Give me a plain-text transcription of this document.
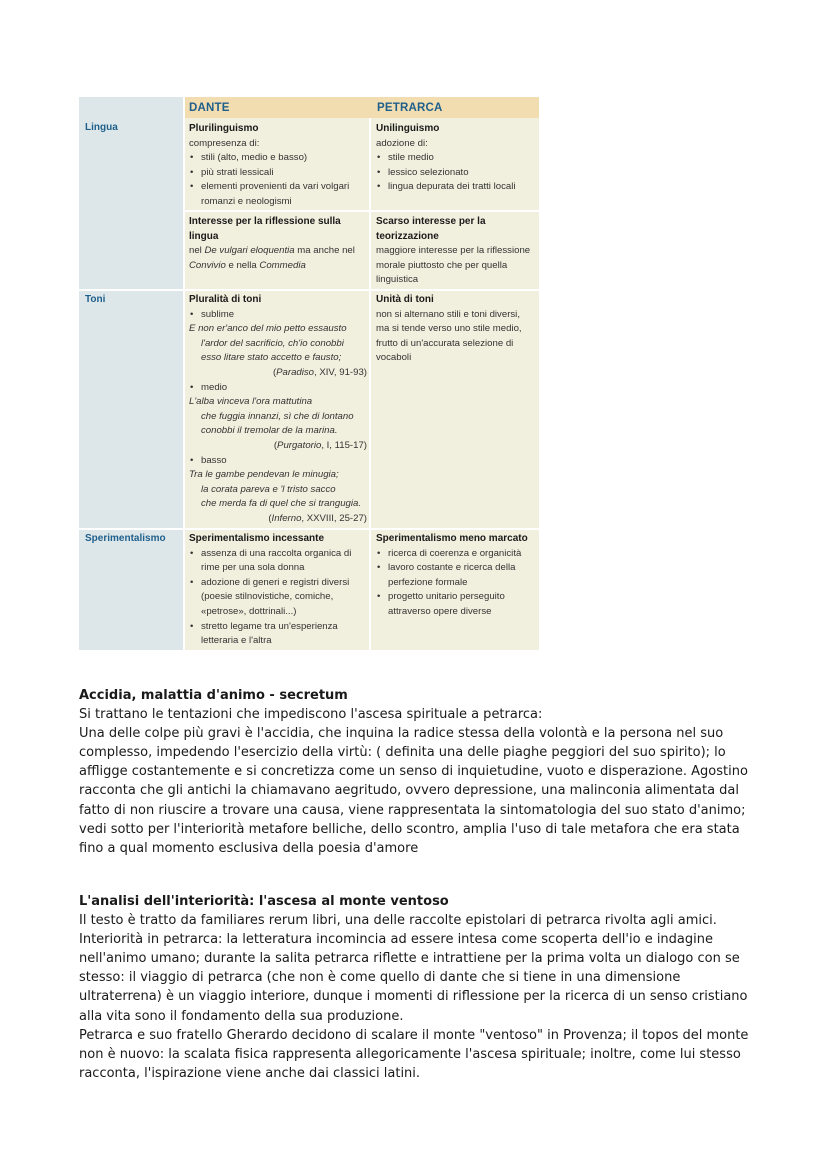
DANTE	PETRARCA
Lingua
Toni
Sperimentalismo
Plurilinguismo
compresenza di:
• stili (alto, medio e basso)
• più strati lessicali
• elementi provenienti da vari volgari romanzi e neologismi
Unilinguismo
adozione di:
• stile medio
• lessico selezionato
• lingua depurata dei tratti locali
Interesse per la riflessione sulla lingua
nel De vulgari eloquentia ma anche nel Convivio e nella Commedia
Scarso interesse per la teorizzazione
maggiore interesse per la riflessione morale piuttosto che per quella linguistica
Pluralità di toni
• sublime
E non er'anco del mio petto essausto
l'ardor del sacrificio, ch'io conobbi
esso litare stato accetto e fausto;
(Paradiso, XIV, 91-93)
• medio
L'alba vinceva l'ora mattutina
che fuggia innanzi, sì che di lontano
conobbi il tremolar de la marina.
(Purgatorio, I, 115-17)
• basso
Tra le gambe pendevan le minugia;
la corata pareva e 'l tristo sacco
che merda fa di quel che si trangugia.
(Inferno, XXVIII, 25-27)
Unità di toni
non si alternano stili e toni diversi, ma si tende verso uno stile medio, frutto di un'accurata selezione di vocaboli
Sperimentalismo incessante
• assenza di una raccolta organica di rime per una sola donna
• adozione di generi e registri diversi (poesie stilnovistiche, comiche, «petrose», dottrinali...)
• stretto legame tra un'esperienza letteraria e l'altra
Sperimentalismo meno marcato
• ricerca di coerenza e organicità
• lavoro costante e ricerca della perfezione formale
• progetto unitario perseguito attraverso opere diverse
Accidia, malattia d'animo - secretum
Si trattano le tentazioni che impediscono l'ascesa spirituale a petrarca:
Una delle colpe più gravi è l'accidia, che inquina la radice stessa della volontà e la persona nel suo complesso, impedendo l'esercizio della virtù: ( definita una delle piaghe peggiori del suo spirito); lo affligge costantemente e si concretizza come un senso di inquietudine, vuoto e disperazione. Agostino racconta che gli antichi la chiamavano aegritudo, ovvero depressione, una malinconia alimentata dal fatto di non riuscire a trovare una causa, viene rappresentata la sintomatologia del suo stato d'animo; vedi sotto per l'interiorità metafore belliche, dello scontro, amplia l'uso di tale metafora che era stata fino a qual momento esclusiva della poesia d'amore
L'analisi dell'interiorità: l'ascesa al monte ventoso
Il testo è tratto da familiares rerum libri, una delle raccolte epistolari di petrarca rivolta agli amici.
Interiorità in petrarca: la letteratura incomincia ad essere intesa come scoperta dell'io e indagine nell'animo umano; durante la salita petrarca riflette e intrattiene per la prima volta un dialogo con se stesso: il viaggio di petrarca (che non è come quello di dante che si tiene in una dimensione ultraterrena) è un viaggio interiore, dunque i momenti di riflessione per la ricerca di un senso cristiano alla vita sono il fondamento della sua produzione.
Petrarca e suo fratello Gherardo decidono di scalare il monte "ventoso" in Provenza; il topos del monte non è nuovo: la scalata fisica rappresenta allegoricamente l'ascesa spirituale; inoltre, come lui stesso racconta, l'ispirazione viene anche dai classici latini.
